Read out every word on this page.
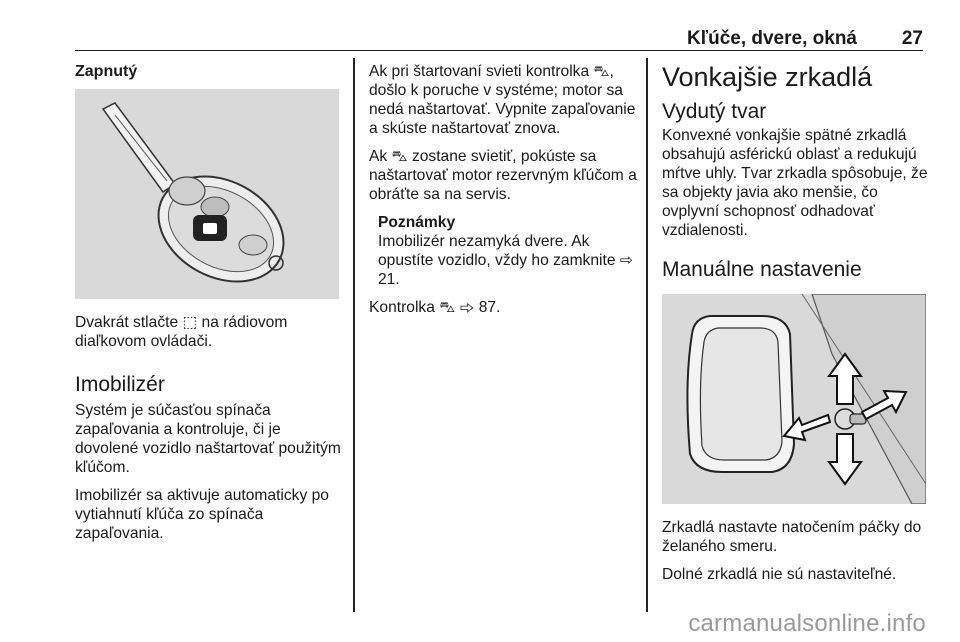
Kľúče, dvere, okná 27
Zapnutý

Dvakrát stlačte ⬚ na rádiovom diaľkovom ovládači.

Imobilizér

Systém je súčasťou spínača zapaľovania a kontroluje, či je dovolené vozidlo naštartovať použitým kľúčom.

Imobilizér sa aktivuje automaticky po vytiahnutí kľúča zo spínača zapaľovania.

Ak pri štartovaní svieti kontrolka ⛍, došlo k poruche v systéme; motor sa nedá naštartovať. Vypnite zapaľovanie a skúste naštartovať znova.

Ak ⛍ zostane svietiť, pokúste sa naštartovať motor rezervným kľúčom a obráťte sa na servis.

Poznámky

Imobilizér nezamyká dvere. Ak opustíte vozidlo, vždy ho zamknite ⇨ 21.

Kontrolka ⛍ ⇨ 87.

Vonkajšie zrkadlá
Vydutý tvar

Konvexné vonkajšie spätné zrkadlá obsahujú asférickú oblasť a redukujú mŕtve uhly. Tvar zrkadla spôsobuje, že sa objekty javia ako menšie, čo ovplyvní schopnosť odhadovať vzdialenosti.

Manuálne nastavenie

Zrkadlá nastavte natočením páčky do želaného smeru.

Dolné zrkadlá nie sú nastaviteľné.

carmanualsonline.info
